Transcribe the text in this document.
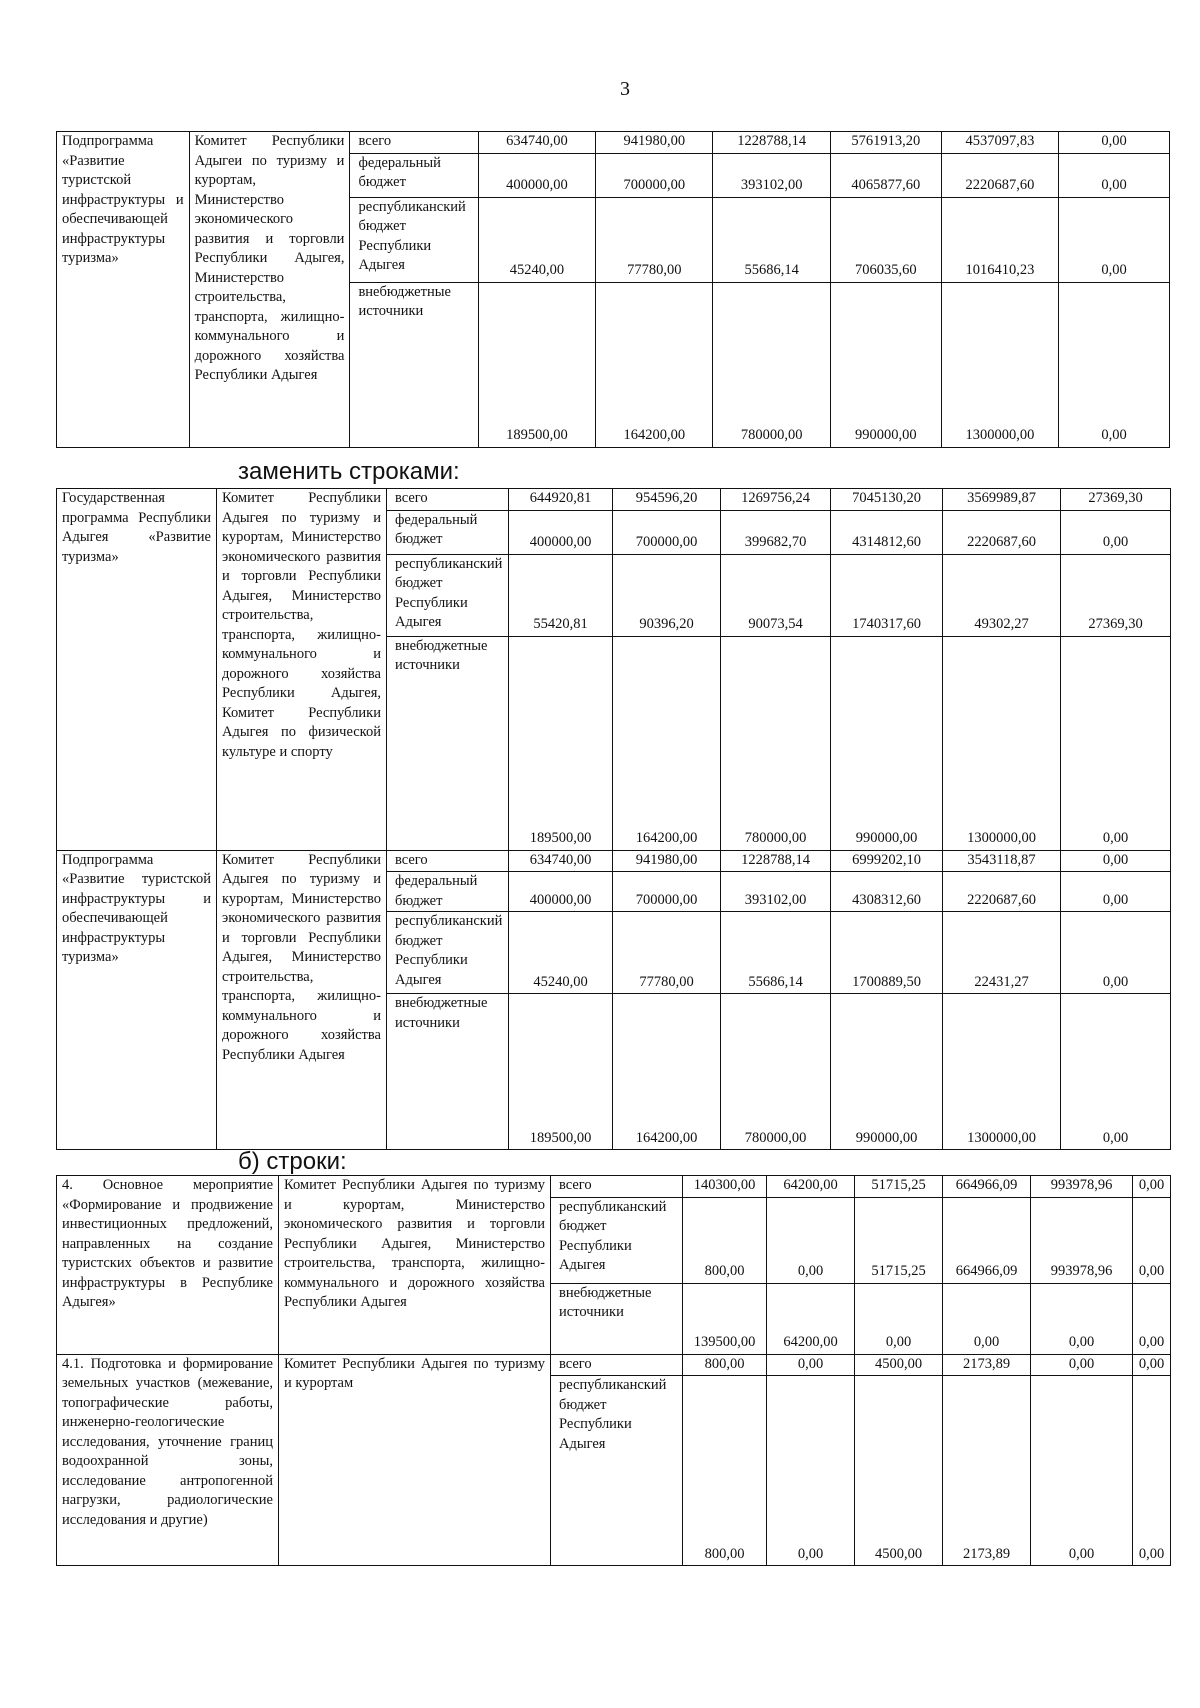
3
Подпрограмма «Развитие туристской инфраструктуры и обеспечивающей инфраструктуры туризма»	Комитет Республики Адыгеи по туризму и курортам, Министерство экономического развития и торговли Республики Адыгея, Министерство строительства, транспорта, жилищно-коммунального и дорожного хозяйства Республики Адыгея	всего	634740,00	941980,00	1228788,14	5761913,20	4537097,83	0,00
		федеральный бюджет	400000,00	700000,00	393102,00	4065877,60	2220687,60	0,00
		республиканский бюджет Республики Адыгея	45240,00	77780,00	55686,14	706035,60	1016410,23	0,00
		внебюджетные источники	189500,00	164200,00	780000,00	990000,00	1300000,00	0,00
заменить строками:
Государственная программа Республики Адыгея «Развитие туризма»	Комитет Республики Адыгея по туризму и курортам, Министерство экономического развития и торговли Республики Адыгея, Министерство строительства, транспорта, жилищно-коммунального и дорожного хозяйства Республики Адыгея, Комитет Республики Адыгея по физической культуре и спорту	всего	644920,81	954596,20	1269756,24	7045130,20	3569989,87	27369,30
		федеральный бюджет	400000,00	700000,00	399682,70	4314812,60	2220687,60	0,00
		республиканский бюджет Республики Адыгея	55420,81	90396,20	90073,54	1740317,60	49302,27	27369,30
		внебюджетные источники	189500,00	164200,00	780000,00	990000,00	1300000,00	0,00
Подпрограмма «Развитие туристской инфраструктуры и обеспечивающей инфраструктуры туризма»	Комитет Республики Адыгея по туризму и курортам, Министерство экономического развития и торговли Республики Адыгея, Министерство строительства, транспорта, жилищно-коммунального и дорожного хозяйства Республики Адыгея	всего	634740,00	941980,00	1228788,14	6999202,10	3543118,87	0,00
		федеральный бюджет	400000,00	700000,00	393102,00	4308312,60	2220687,60	0,00
		республиканский бюджет Республики Адыгея	45240,00	77780,00	55686,14	1700889,50	22431,27	0,00
		внебюджетные источники	189500,00	164200,00	780000,00	990000,00	1300000,00	0,00
б) строки:
4. Основное мероприятие «Формирование и продвижение инвестиционных предложений, направленных на создание туристских объектов и развитие инфраструктуры в Республике Адыгея»	Комитет Республики Адыгея по туризму и курортам, Министерство экономического развития и торговли Республики Адыгея, Министерство строительства, транспорта, жилищно-коммунального и дорожного хозяйства Республики Адыгея	всего	140300,00	64200,00	51715,25	664966,09	993978,96	0,00
		республиканский бюджет Республики Адыгея	800,00	0,00	51715,25	664966,09	993978,96	0,00
		внебюджетные источники	139500,00	64200,00	0,00	0,00	0,00	0,00
4.1. Подготовка и формирование земельных участков (межевание, топографические работы, инженерно-геологические исследования, уточнение границ водоохранной зоны, исследование антропогенной нагрузки, радиологические исследования и другие)	Комитет Республики Адыгея по туризму и курортам	всего	800,00	0,00	4500,00	2173,89	0,00	0,00
		республиканский бюджет Республики Адыгея	800,00	0,00	4500,00	2173,89	0,00	0,00
